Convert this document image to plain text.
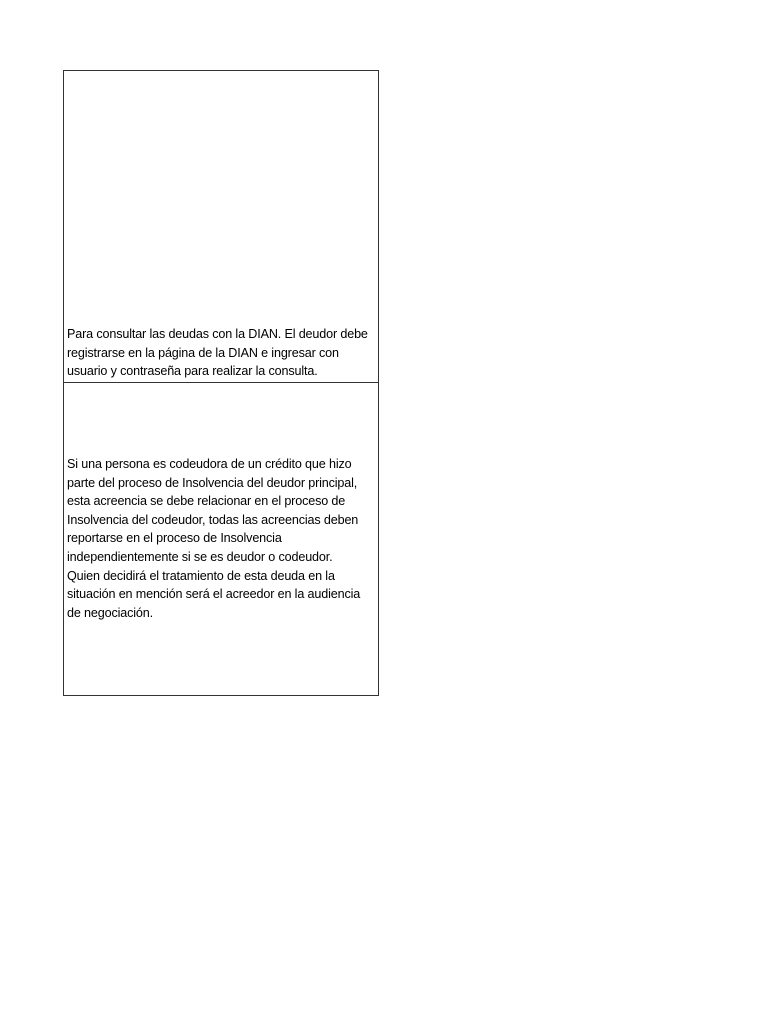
Para consultar las deudas con la DIAN. El deudor debe
registrarse en la página de la DIAN e ingresar con
usuario y contraseña para realizar la consulta.
Si una persona es codeudora de un crédito que hizo
parte del proceso de Insolvencia del deudor principal,
esta acreencia se debe relacionar en el proceso de
Insolvencia del codeudor, todas las acreencias deben
reportarse en el proceso de Insolvencia
independientemente si se es deudor o codeudor.
Quien decidirá el tratamiento de esta deuda en la
situación en mención será el acreedor en la audiencia
de negociación.
